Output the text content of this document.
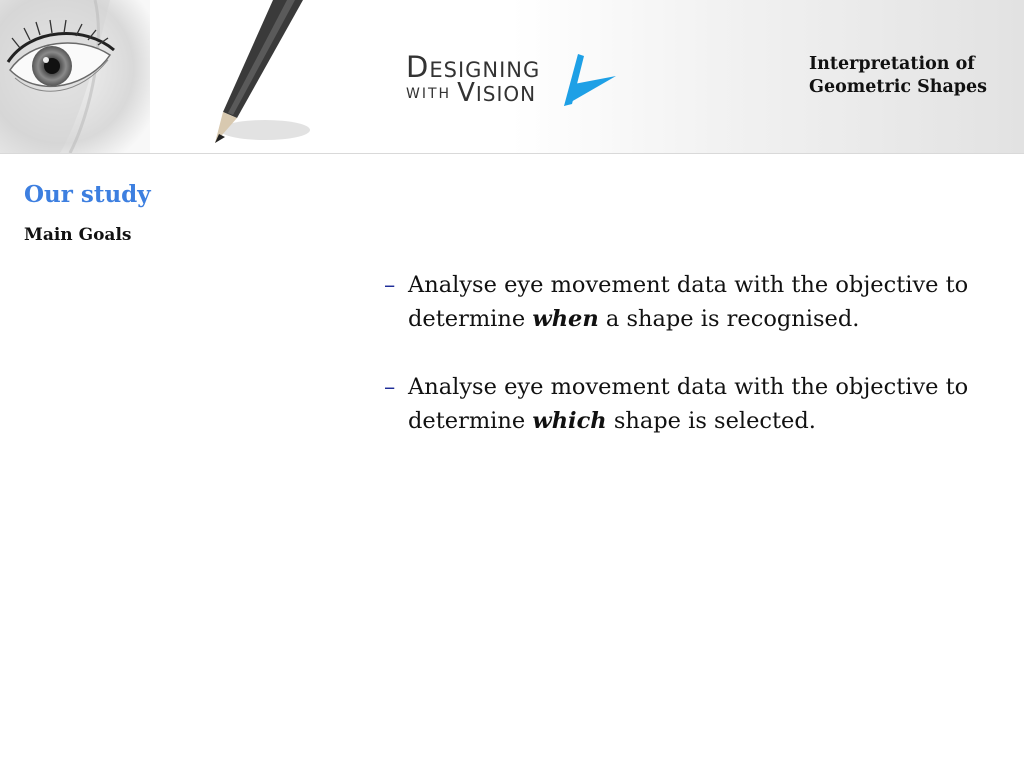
DESIGNING
WITH VISION
Interpretation of
Geometric Shapes
Our study
Main Goals
– Analyse eye movement data with the objective to determine when a shape is recognised.
– Analyse eye movement data with the objective to determine which shape is selected.
